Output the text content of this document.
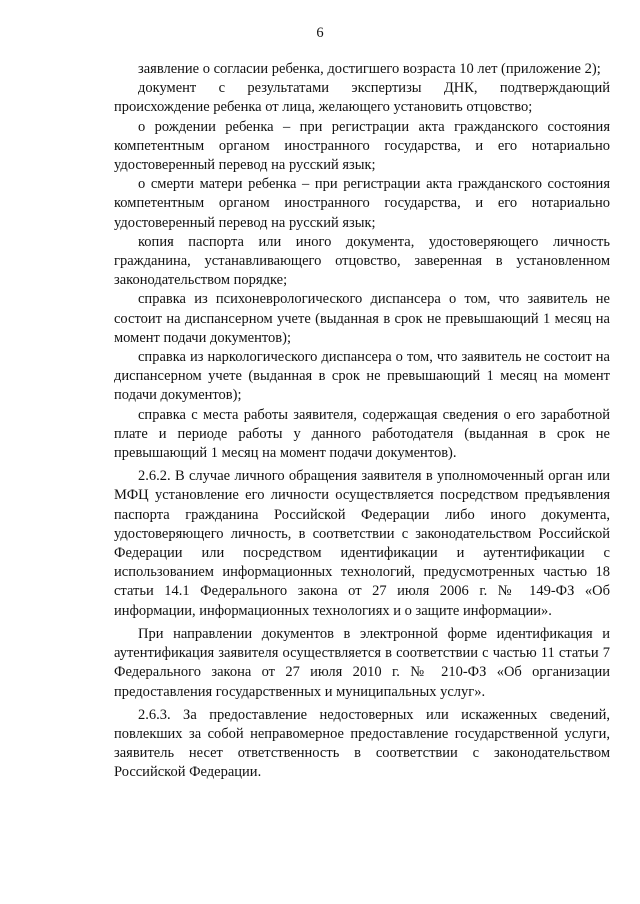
6

заявление о согласии ребенка, достигшего возраста 10 лет (приложение 2);

документ с результатами экспертизы ДНК, подтверждающий происхождение ребенка от лица, желающего установить отцовство;

о рождении ребенка – при регистрации акта гражданского состояния компетентным органом иностранного государства, и его нотариально удостоверенный перевод на русский язык;

о смерти матери ребенка – при регистрации акта гражданского состояния компетентным органом иностранного государства, и его нотариально удостоверенный перевод на русский язык;

копия паспорта или иного документа, удостоверяющего личность гражданина, устанавливающего отцовство, заверенная в установленном законодательством порядке;

справка из психоневрологического диспансера о том, что заявитель не состоит на диспансерном учете (выданная в срок не превышающий 1 месяц на момент подачи документов);

справка из наркологического диспансера о том, что заявитель не состоит на диспансерном учете (выданная в срок не превышающий 1 месяц на момент подачи документов);

справка с места работы заявителя, содержащая сведения о его заработной плате и периоде работы у данного работодателя (выданная в срок не превышающий 1 месяц на момент подачи документов).

2.6.2. В случае личного обращения заявителя в уполномоченный орган или МФЦ установление его личности осуществляется посредством предъявления паспорта гражданина Российской Федерации либо иного документа, удостоверяющего личность, в соответствии с законодательством Российской Федерации или посредством идентификации и аутентификации с использованием информационных технологий, предусмотренных частью 18 статьи 14.1 Федерального закона от 27 июля 2006 г. № 149-ФЗ «Об информации, информационных технологиях и о защите информации».

При направлении документов в электронной форме идентификация и аутентификация заявителя осуществляется в соответствии с частью 11 статьи 7 Федерального закона от 27 июля 2010 г. № 210-ФЗ «Об организации предоставления государственных и муниципальных услуг».

2.6.3. За предоставление недостоверных или искаженных сведений, повлекших за собой неправомерное предоставление государственной услуги, заявитель несет ответственность в соответствии с законодательством Российской Федерации.
